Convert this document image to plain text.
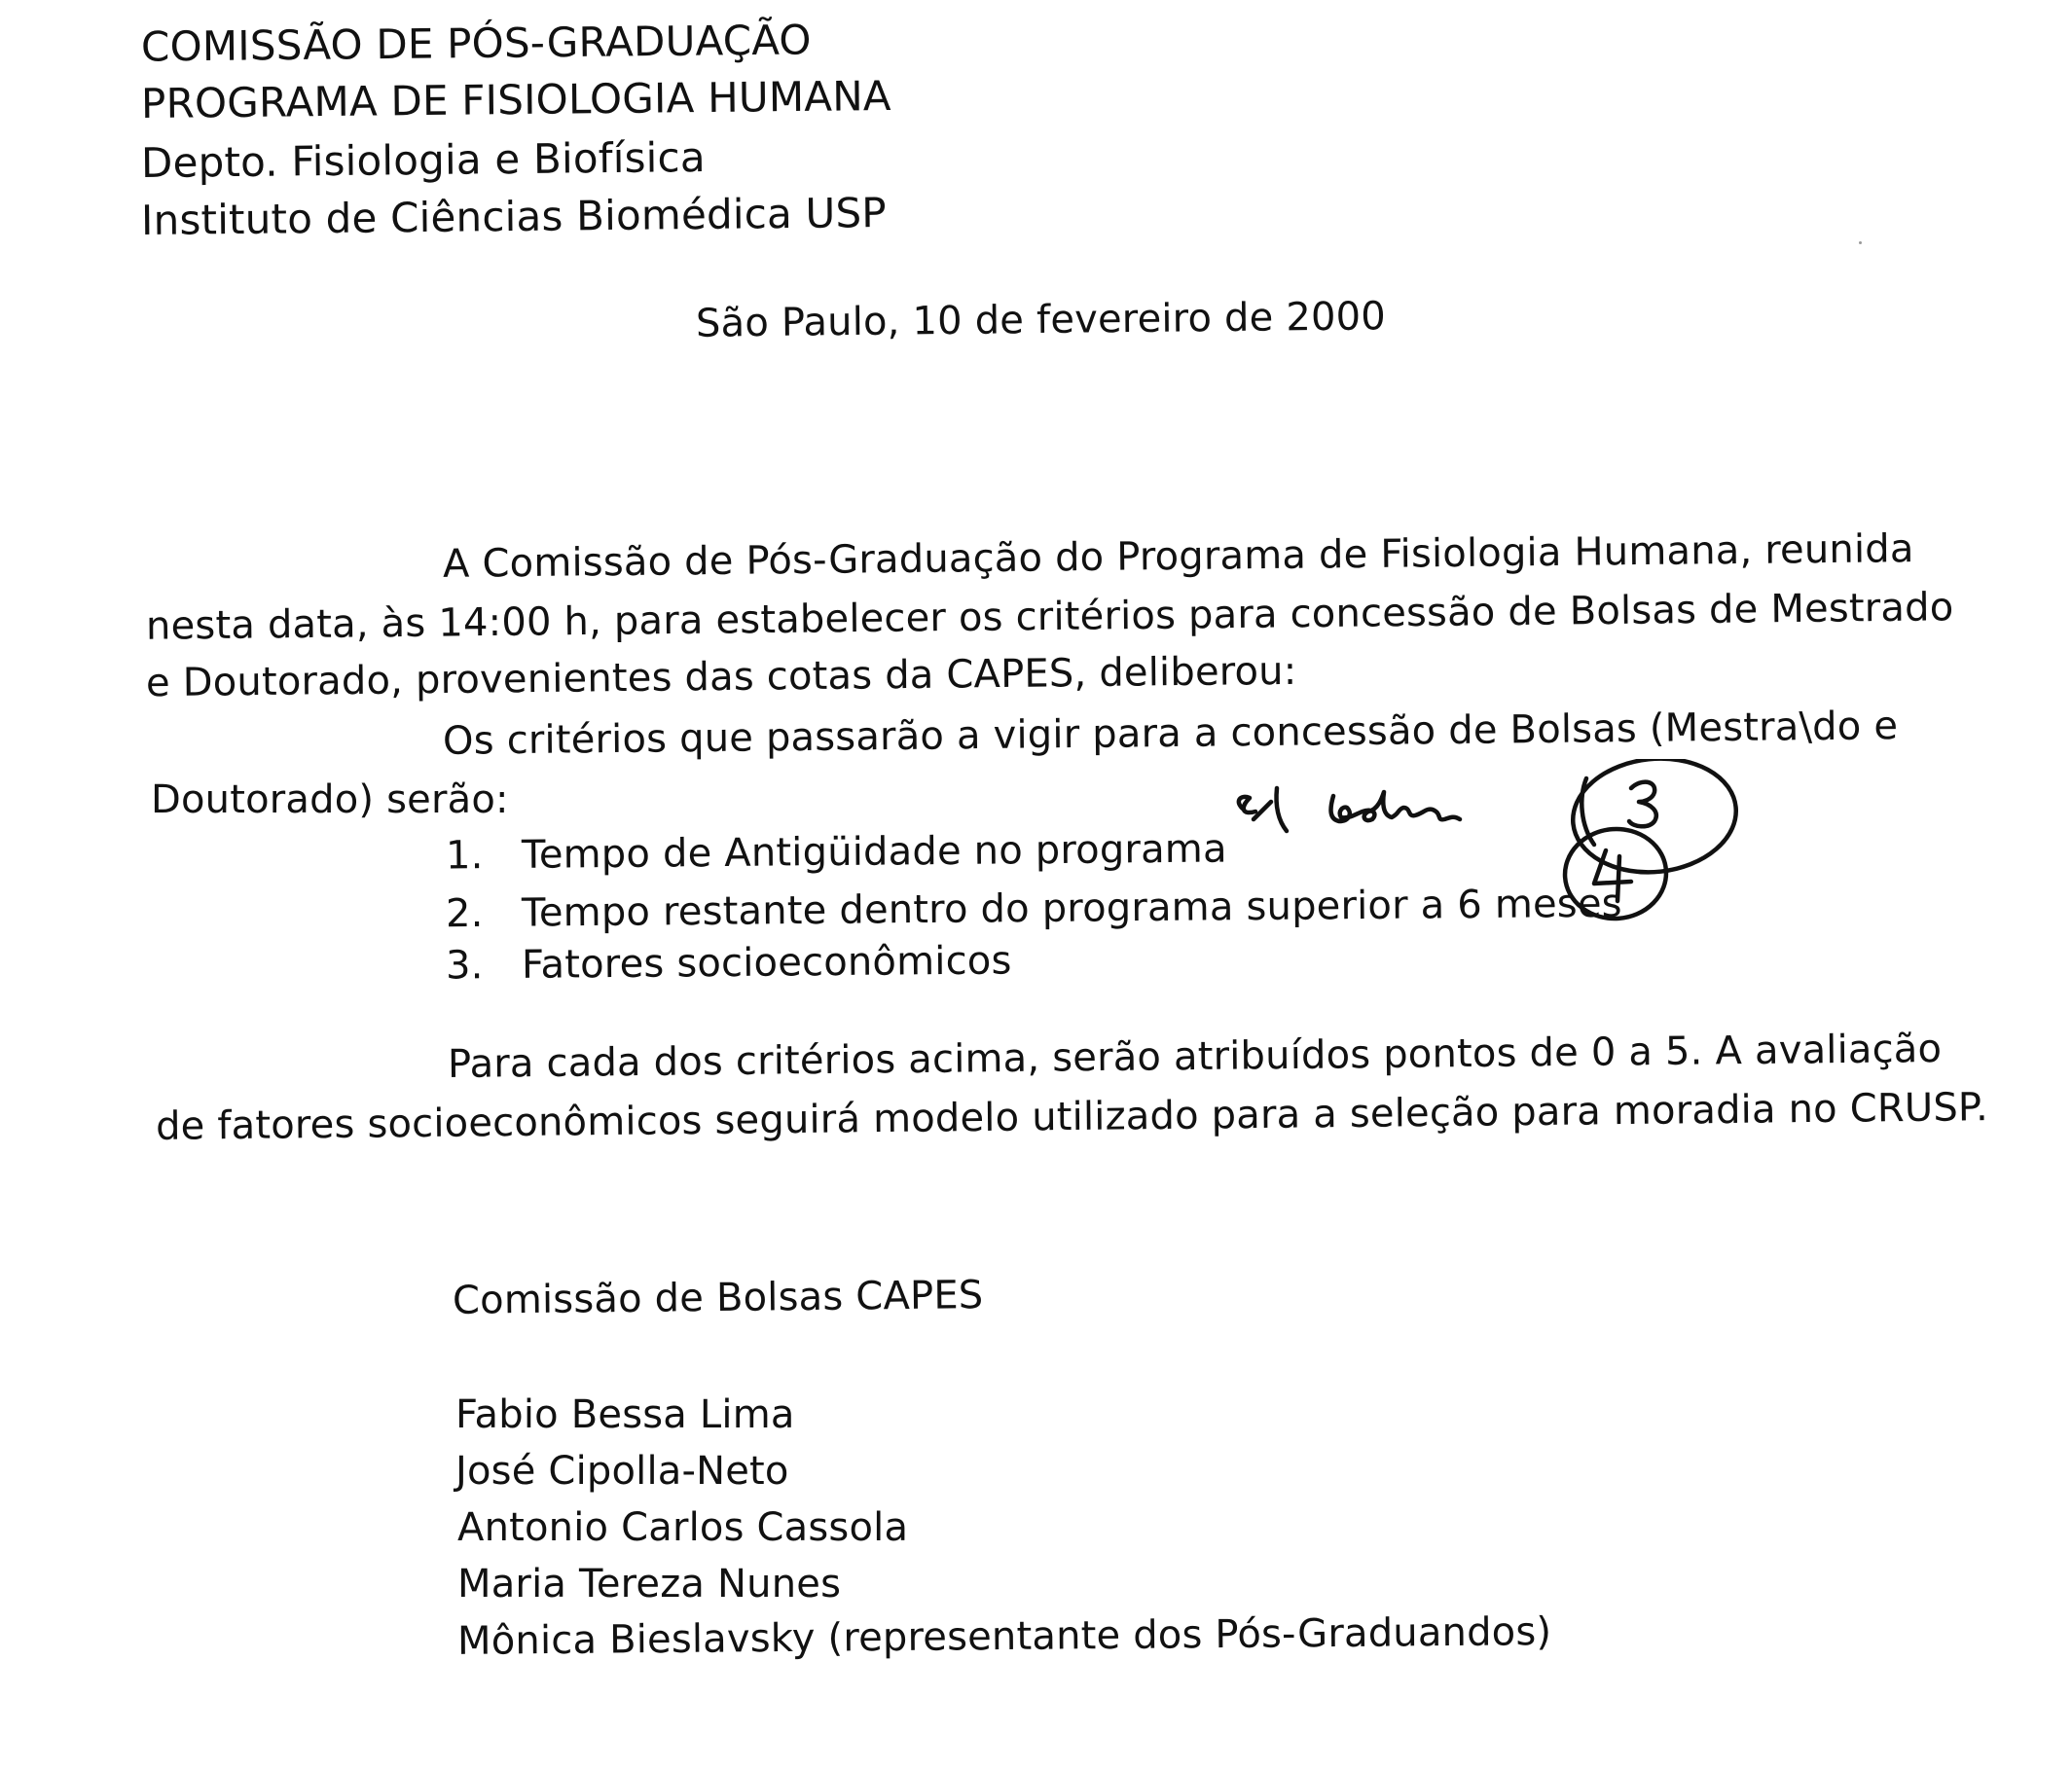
COMISSÃO DE PÓS-GRADUAÇÃO
PROGRAMA DE FISIOLOGIA HUMANA
Depto. Fisiologia e Biofísica
Instituto de Ciências Biomédica USP
São Paulo, 10 de fevereiro de 2000
A Comissão de Pós-Graduação do Programa de Fisiologia Humana, reunida
nesta data, às 14:00 h, para estabelecer os critérios para concessão de Bolsas de Mestrado
e Doutorado, provenientes das cotas da CAPES, deliberou:
Os critérios que passarão a vigir para a concessão de Bolsas (Mestra\do e
Doutorado) serão:
1. Tempo de Antigüidade no programa
2. Tempo restante dentro do programa superior a 6 meses
3. Fatores socioeconômicos
Para cada dos critérios acima, serão atribuídos pontos de 0 a 5. A avaliação
de fatores socioeconômicos seguirá modelo utilizado para a seleção para moradia no CRUSP.
Comissão de Bolsas CAPES
Fabio Bessa Lima
José Cipolla-Neto
Antonio Carlos Cassola
Maria Tereza Nunes
Mônica Bieslavsky (representante dos Pós-Graduandos)
